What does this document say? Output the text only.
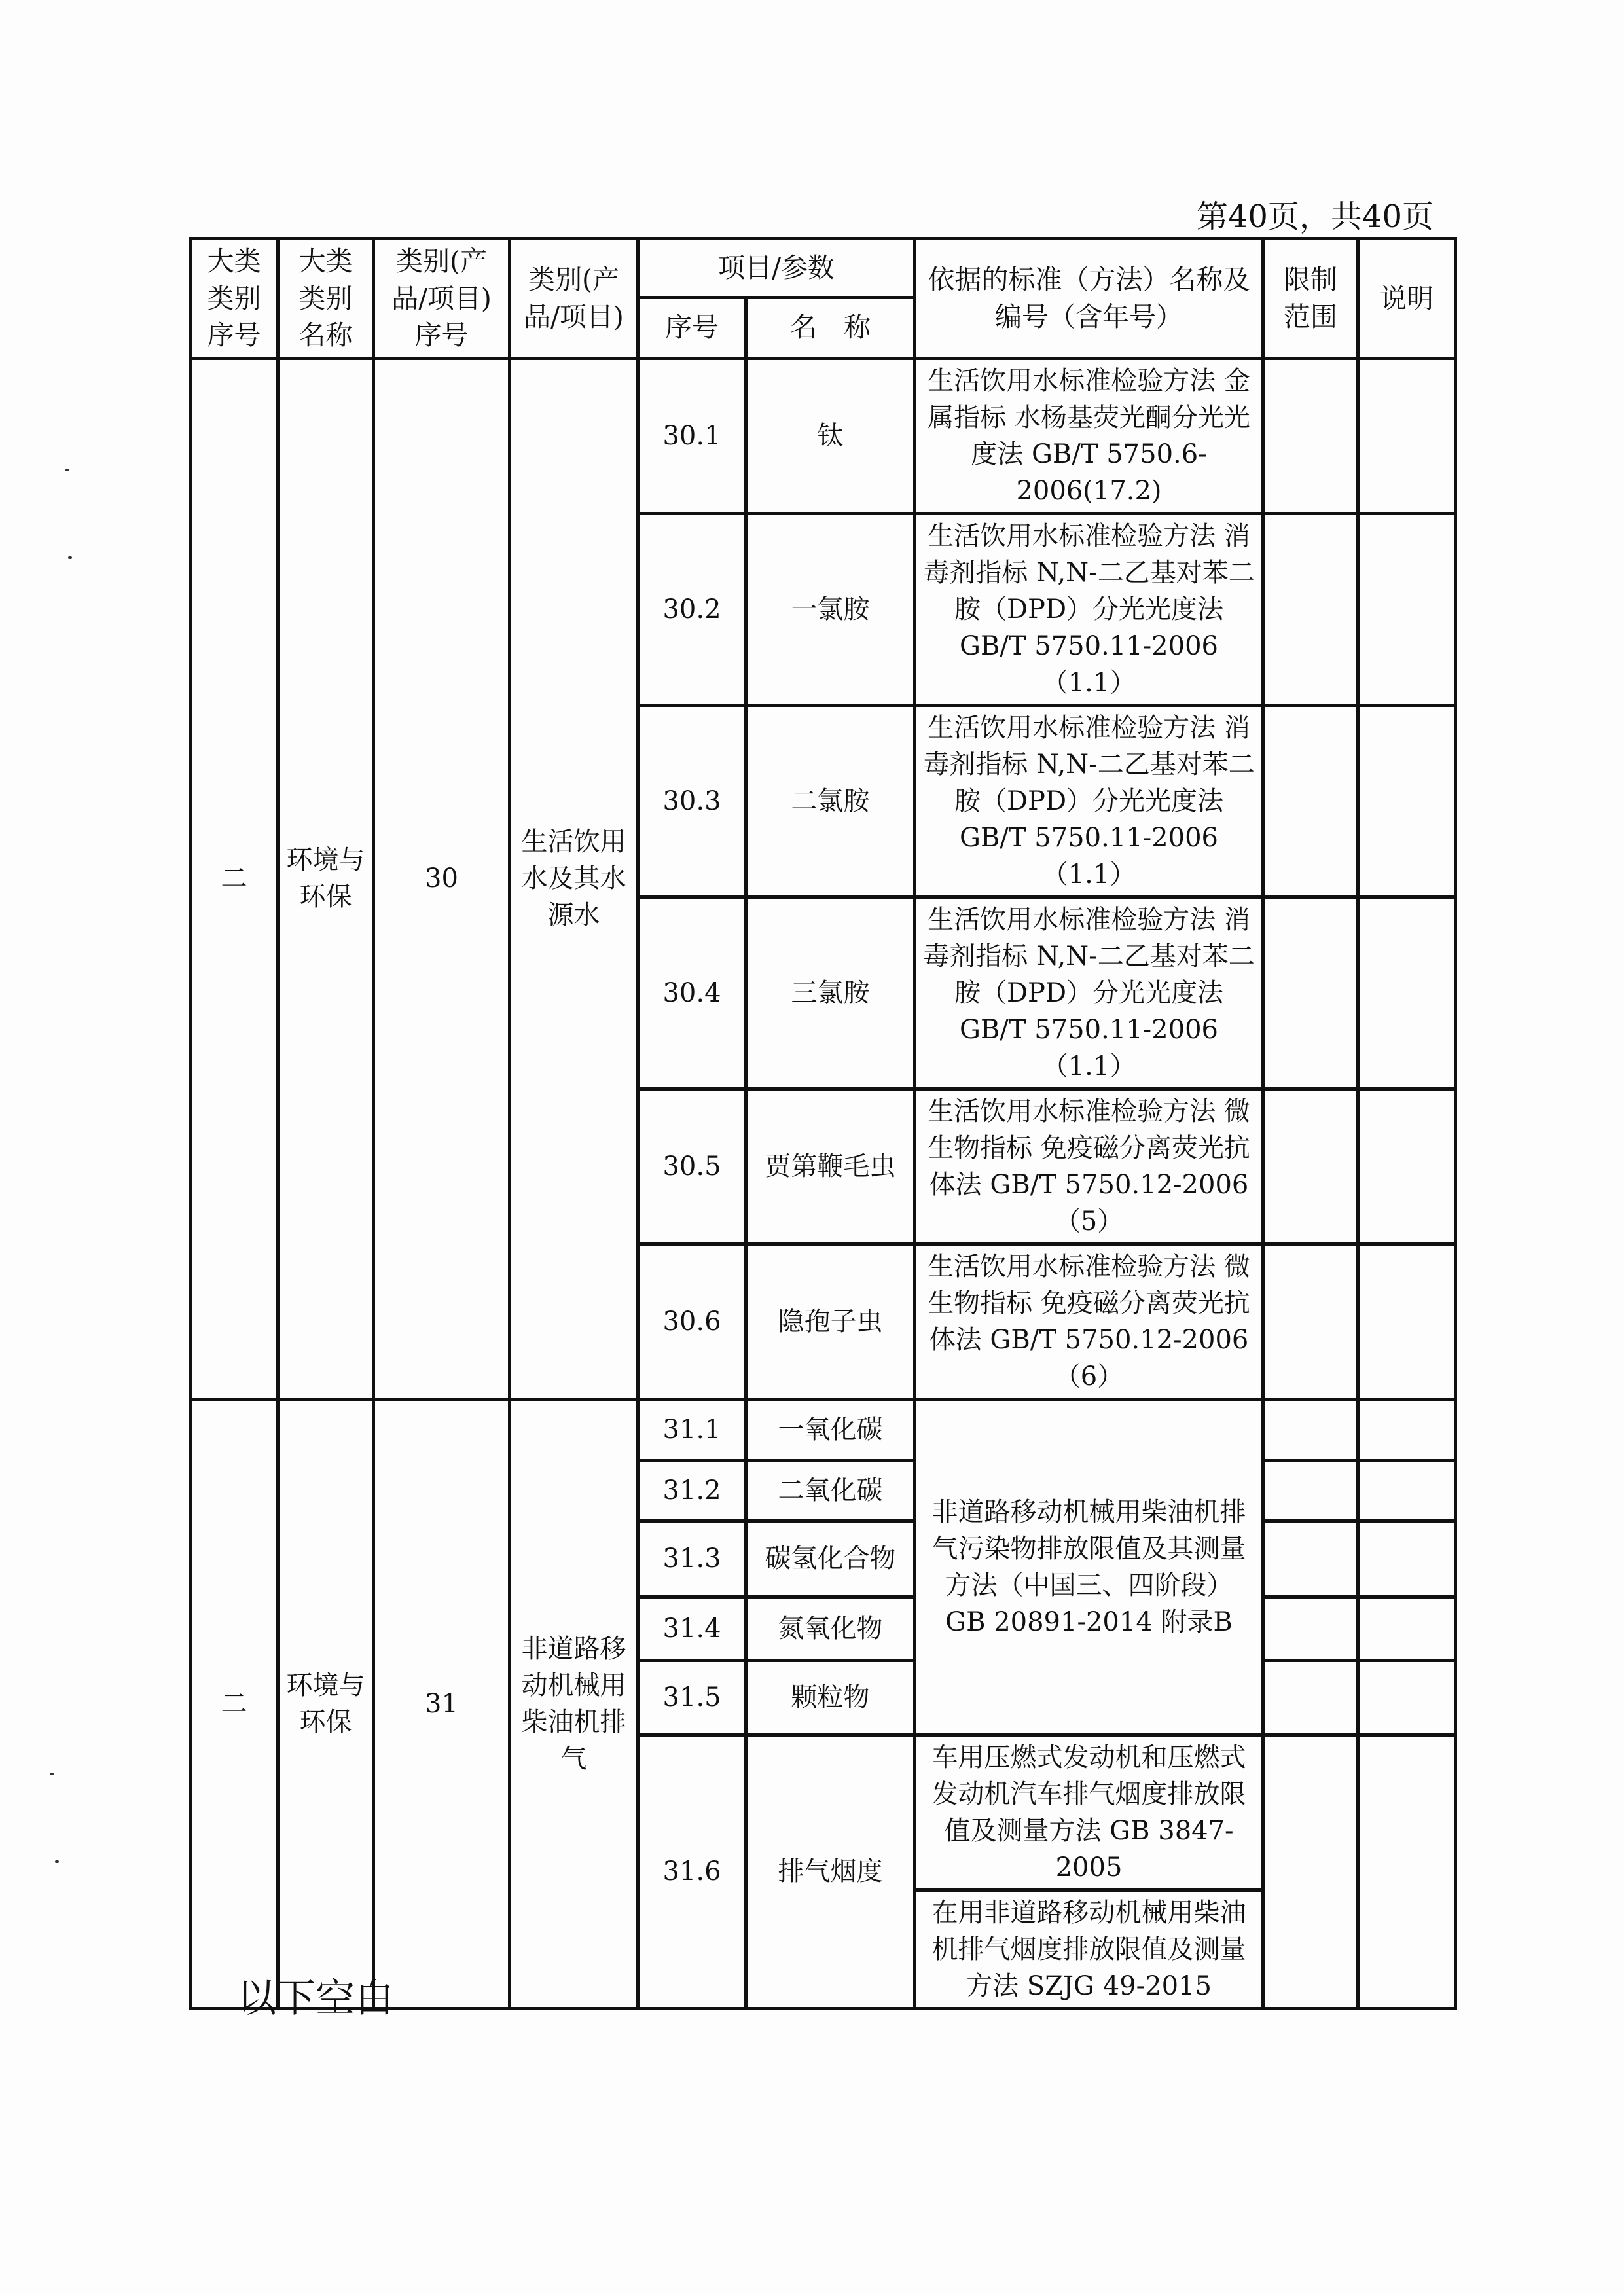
第40页，共40页
大类类别序号	大类类别名称	类别(产品/项目)序号	类别(产品/项目)	项目/参数		依据的标准（方法）名称及编号（含年号）	限制范围	说明
				序号	名　称			
二	环境与环保	30	生活饮用水及其水源水	30.1	钛	生活饮用水标准检验方法 金属指标 水杨基荧光酮分光光度法 GB/T 5750.6-2006(17.2)		
				30.2	一氯胺	生活饮用水标准检验方法 消毒剂指标 N,N-二乙基对苯二胺（DPD）分光光度法 GB/T 5750.11-2006（1.1）		
				30.3	二氯胺	生活饮用水标准检验方法 消毒剂指标 N,N-二乙基对苯二胺（DPD）分光光度法 GB/T 5750.11-2006（1.1）		
				30.4	三氯胺	生活饮用水标准检验方法 消毒剂指标 N,N-二乙基对苯二胺（DPD）分光光度法 GB/T 5750.11-2006（1.1）		
				30.5	贾第鞭毛虫	生活饮用水标准检验方法 微生物指标 免疫磁分离荧光抗体法 GB/T 5750.12-2006（5）		
				30.6	隐孢子虫	生活饮用水标准检验方法 微生物指标 免疫磁分离荧光抗体法 GB/T 5750.12-2006（6）		
二	环境与环保	31	非道路移动机械用柴油机排气	31.1	一氧化碳	非道路移动机械用柴油机排气污染物排放限值及其测量方法（中国三、四阶段） GB 20891-2014 附录B		
				31.2	二氧化碳			
				31.3	碳氢化合物			
				31.4	氮氧化物			
				31.5	颗粒物			
				31.6	排气烟度	车用压燃式发动机和压燃式发动机汽车排气烟度排放限值及测量方法 GB 3847-2005		
						在用非道路移动机械用柴油机排气烟度排放限值及测量方法 SZJG 49-2015		

以下空白
